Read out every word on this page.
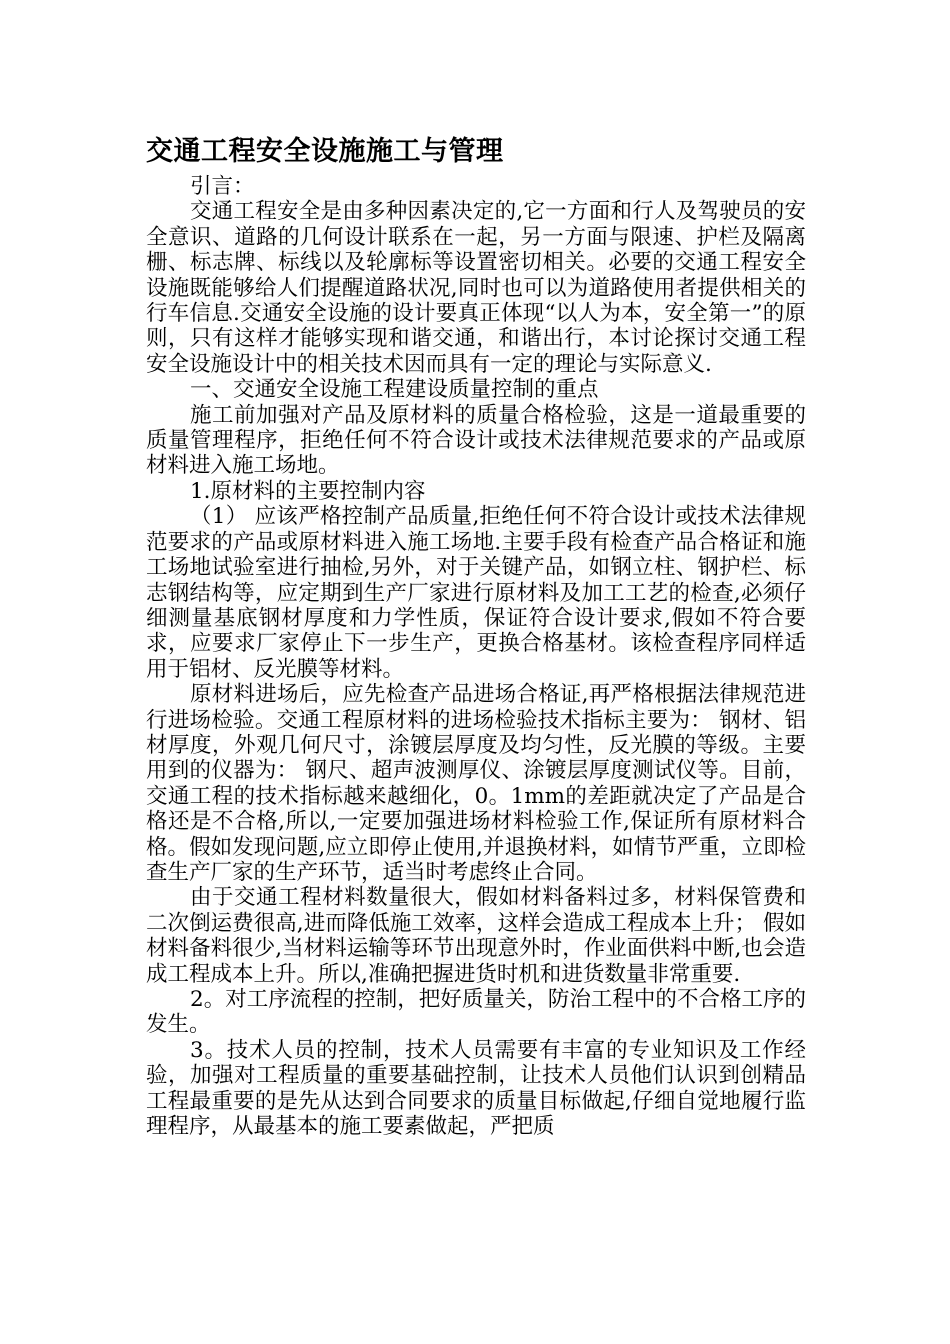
交通工程安全设施施工与管理

引言：

交通工程安全是由多种因素决定的,它一方面和行人及驾驶员的安全意识、道路的几何设计联系在一起，另一方面与限速、护栏及隔离栅、标志牌、标线以及轮廓标等设置密切相关。必要的交通工程安全设施既能够给人们提醒道路状况,同时也可以为道路使用者提供相关的行车信息.交通安全设施的设计要真正体现“以人为本，安全第一”的原则，只有这样才能够实现和谐交通，和谐出行，本讨论探讨交通工程安全设施设计中的相关技术因而具有一定的理论与实际意义.

一、交通安全设施工程建设质量控制的重点

施工前加强对产品及原材料的质量合格检验，这是一道最重要的质量管理程序，拒绝任何不符合设计或技术法律规范要求的产品或原材料进入施工场地。

1.原材料的主要控制内容

（1） 应该严格控制产品质量,拒绝任何不符合设计或技术法律规范要求的产品或原材料进入施工场地.主要手段有检查产品合格证和施工场地试验室进行抽检,另外，对于关键产品，如钢立柱、钢护栏、标志钢结构等，应定期到生产厂家进行原材料及加工工艺的检查,必须仔细测量基底钢材厚度和力学性质，保证符合设计要求,假如不符合要求，应要求厂家停止下一步生产，更换合格基材。该检查程序同样适用于铝材、反光膜等材料。

原材料进场后，应先检查产品进场合格证,再严格根据法律规范进行进场检验。交通工程原材料的进场检验技术指标主要为： 钢材、铝材厚度，外观几何尺寸，涂镀层厚度及均匀性，反光膜的等级。主要用到的仪器为： 钢尺、超声波测厚仪、涂镀层厚度测试仪等。目前，交通工程的技术指标越来越细化，0。1mm的差距就决定了产品是合格还是不合格,所以,一定要加强进场材料检验工作,保证所有原材料合格。假如发现问题,应立即停止使用,并退换材料，如情节严重，立即检查生产厂家的生产环节，适当时考虑终止合同。

由于交通工程材料数量很大，假如材料备料过多，材料保管费和二次倒运费很高,进而降低施工效率，这样会造成工程成本上升； 假如材料备料很少,当材料运输等环节出现意外时，作业面供料中断,也会造成工程成本上升。所以,准确把握进货时机和进货数量非常重要.

2。对工序流程的控制，把好质量关，防治工程中的不合格工序的发生。

3。技术人员的控制，技术人员需要有丰富的专业知识及工作经验，加强对工程质量的重要基础控制，让技术人员他们认识到创精品工程最重要的是先从达到合同要求的质量目标做起,仔细自觉地履行监理程序，从最基本的施工要素做起，严把质
